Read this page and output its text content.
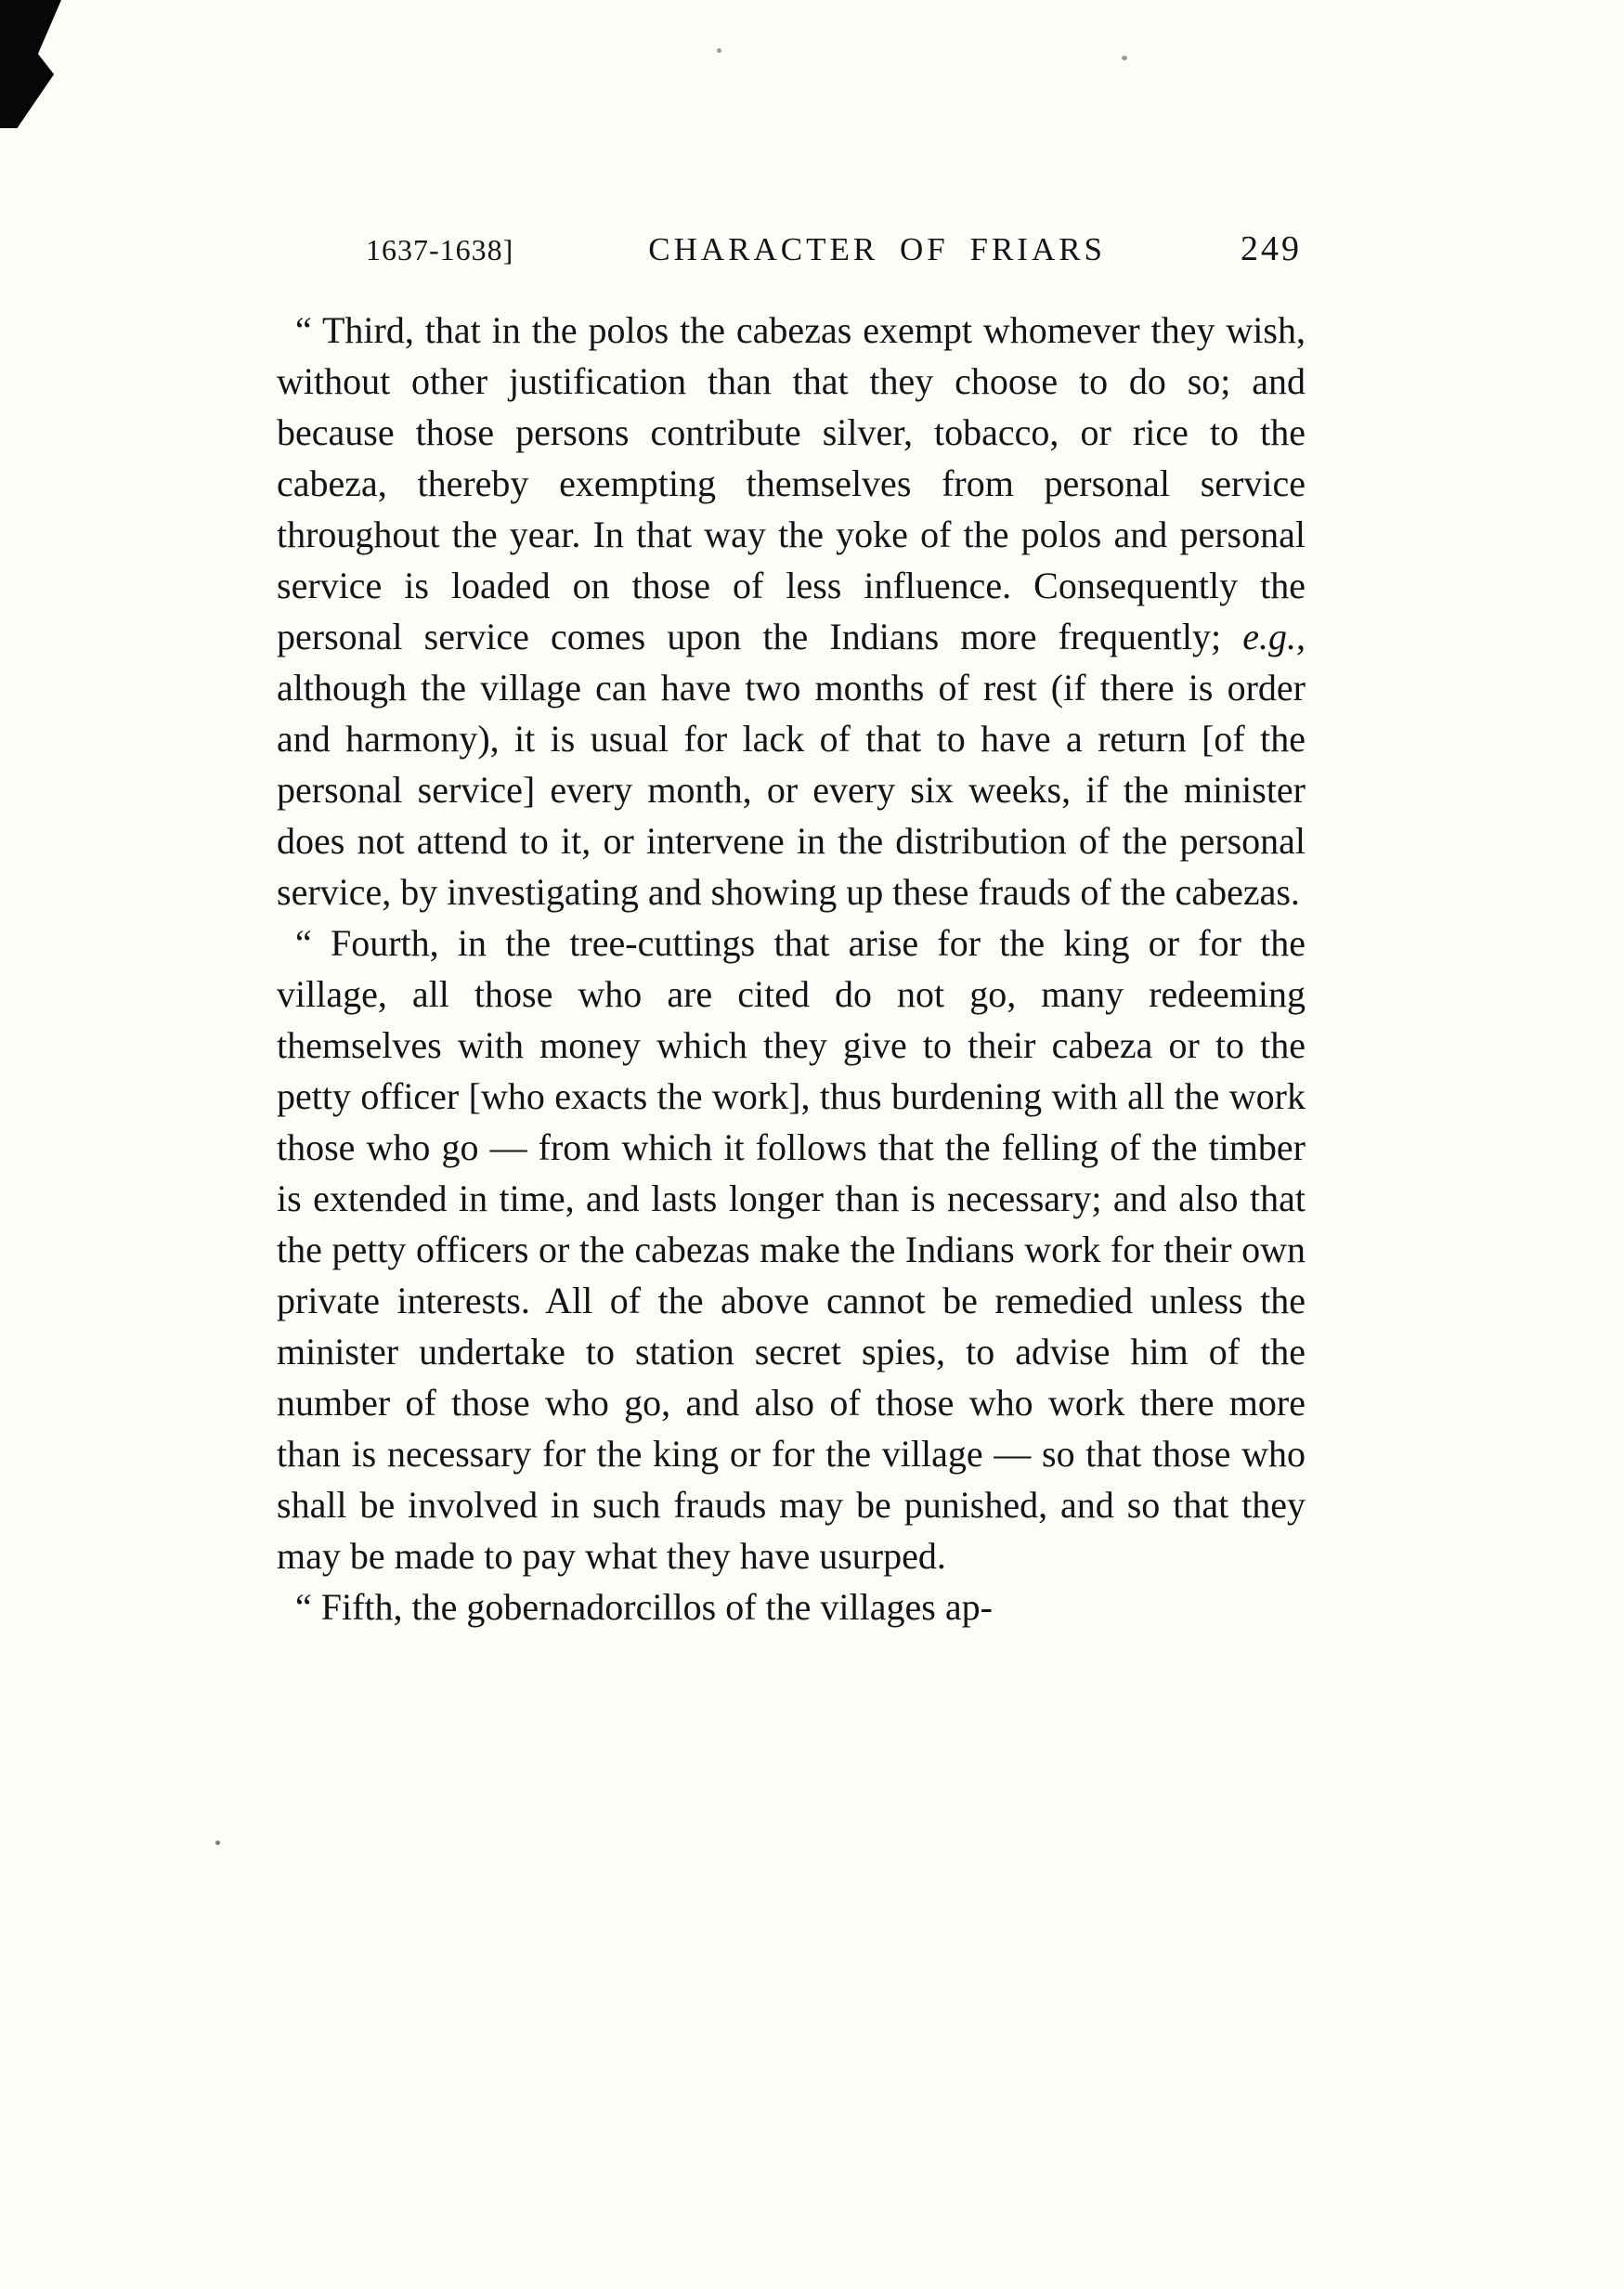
1637-1638]	CHARACTER OF FRIARS	249

“ Third, that in the polos the cabezas exempt whomever they wish, without other justification than that they choose to do so; and because those persons contribute silver, tobacco, or rice to the cabeza, thereby exempting themselves from personal service throughout the year. In that way the yoke of the polos and personal service is loaded on those of less influence. Consequently the personal service comes upon the Indians more frequently; e.g., although the village can have two months of rest (if there is order and harmony), it is usual for lack of that to have a return [of the personal service] every month, or every six weeks, if the minister does not attend to it, or intervene in the distribution of the personal service, by investigating and showing up these frauds of the cabezas.

“ Fourth, in the tree-cuttings that arise for the king or for the village, all those who are cited do not go, many redeeming themselves with money which they give to their cabeza or to the petty officer [who exacts the work], thus burdening with all the work those who go — from which it follows that the felling of the timber is extended in time, and lasts longer than is necessary; and also that the petty officers or the cabezas make the Indians work for their own private interests. All of the above cannot be remedied unless the minister undertake to station secret spies, to advise him of the number of those who go, and also of those who work there more than is necessary for the king or for the village — so that those who shall be involved in such frauds may be punished, and so that they may be made to pay what they have usurped.

“ Fifth, the gobernadorcillos of the villages ap-
